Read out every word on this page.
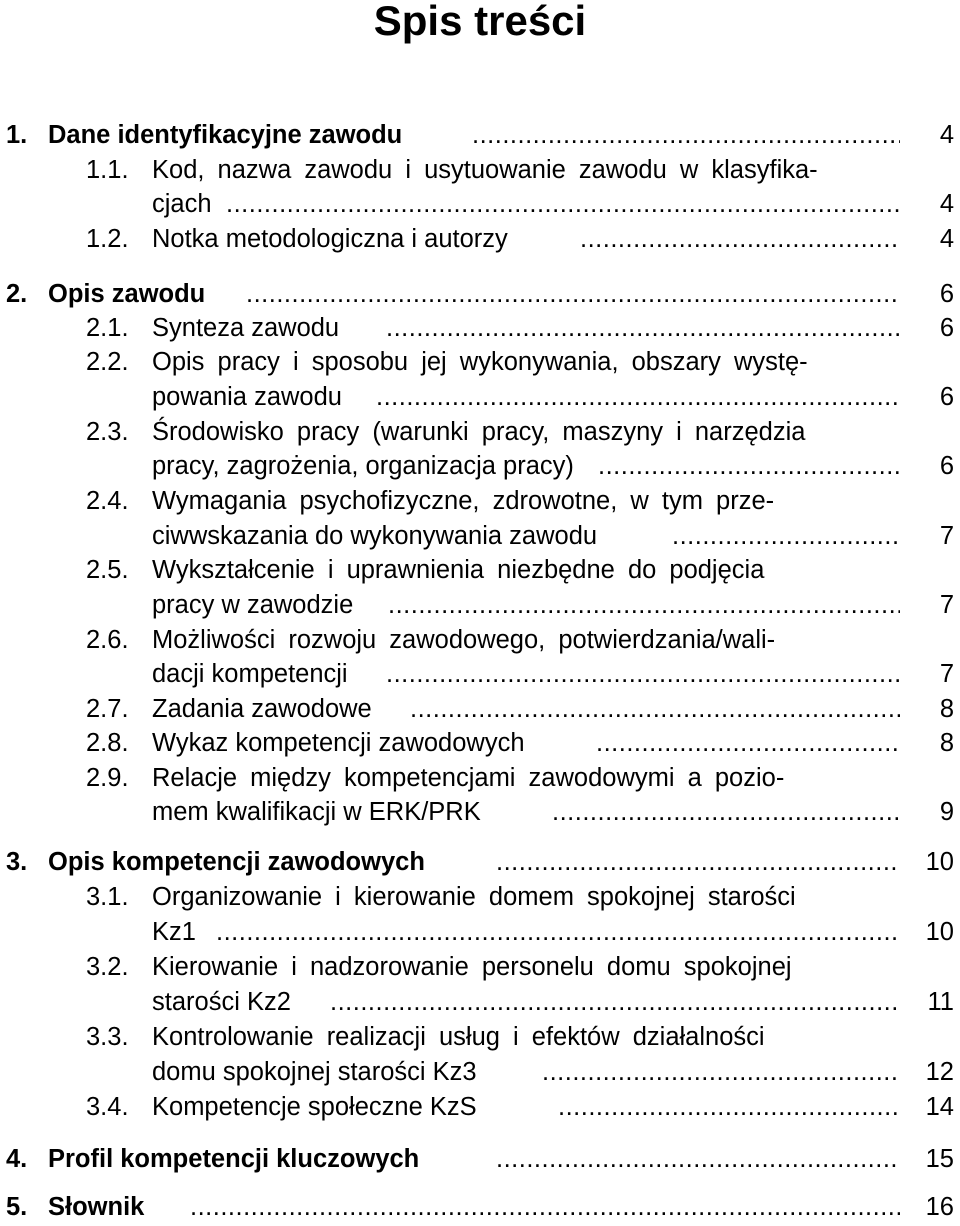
Spis treści
1. Dane identyfikacyjne zawodu .....	4
1.1. Kod, nazwa zawodu i usytuowanie zawodu w klasyfika-
cjach .....	4
1.2. Notka metodologiczna i autorzy .....	4
2. Opis zawodu .....	6
2.1. Synteza zawodu .....	6
2.2. Opis pracy i sposobu jej wykonywania, obszary wystę-
powania zawodu .....	6
2.3. Środowisko pracy (warunki pracy, maszyny i narzędzia
pracy, zagrożenia, organizacja pracy) .....	6
2.4. Wymagania psychofizyczne, zdrowotne, w tym prze-
ciwwskazania do wykonywania zawodu .....	7
2.5. Wykształcenie i uprawnienia niezbędne do podjęcia
pracy w zawodzie .....	7
2.6. Możliwości rozwoju zawodowego, potwierdzania/wali-
dacji kompetencji .....	7
2.7. Zadania zawodowe .....	8
2.8. Wykaz kompetencji zawodowych .....	8
2.9. Relacje między kompetencjami zawodowymi a pozio-
mem kwalifikacji w ERK/PRK .....	9
3. Opis kompetencji zawodowych .....	10
3.1. Organizowanie i kierowanie domem spokojnej starości
Kz1 .....	10
3.2. Kierowanie i nadzorowanie personelu domu spokojnej
starości Kz2 .....	11
3.3. Kontrolowanie realizacji usług i efektów działalności
domu spokojnej starości Kz3 .....	12
3.4. Kompetencje społeczne KzS .....	14
4. Profil kompetencji kluczowych .....	15
5. Słownik .....	16
